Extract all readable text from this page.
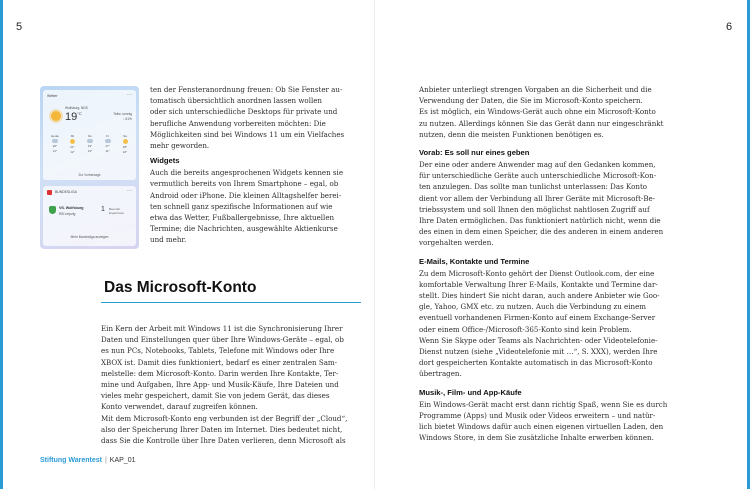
5	6
Wetter	···
Wolfsburg, NDS
$19^{^\circ C}$	Teilw. sonnig
↓ 61%
Heute
20°
11°
Mi
21°
12°
Do
19°
13°
Fr
17°
11°
Sa
18°
10°
Zur Vorhersage
BUNDESLIGA	···
VfL Wolfsburg
RB Leipzig
1 Beendet
Ergebnisse
Mehr Bundesliga anzeigen
ten der Fensteranordnung freuen: Ob Sie Fenster au-
tomatisch übersichtlich anordnen lassen wollen
oder sich unterschiedliche Desktops für private und
berufliche Anwendung vorbereiten möchten: Die
Möglichkeiten sind bei Windows 11 um ein Vielfaches
mehr geworden.
Widgets
Auch die bereits angesprochenen Widgets kennen sie
vermutlich bereits von Ihrem Smartphone – egal, ob
Android oder iPhone. Die kleinen Alltagshelfer berei-
ten schnell ganz spezifische Informationen auf wie
etwa das Wetter, Fußballergebnisse, Ihre aktuellen
Termine; die Nachrichten, ausgewählte Aktienkurse
und mehr.
Das Microsoft-Konto
Ein Kern der Arbeit mit Windows 11 ist die Synchronisierung Ihrer
Daten und Einstellungen quer über Ihre Windows-Geräte – egal, ob
es nun PCs, Notebooks, Tablets, Telefone mit Windows oder Ihre
XBOX ist. Damit dies funktioniert, bedarf es einer zentralen Sam-
melstelle: dem Microsoft-Konto. Darin werden Ihre Kontakte, Ter-
mine und Aufgaben, Ihre App- und Musik-Käufe, Ihre Dateien und
vieles mehr gespeichert, damit Sie von jedem Gerät, das dieses
Konto verwendet, darauf zugreifen können.
Mit dem Microsoft-Konto eng verbunden ist der Begriff der „Cloud“,
also der Speicherung Ihrer Daten im Internet. Dies bedeutet nicht,
dass Sie die Kontrolle über Ihre Daten verlieren, denn Microsoft als
Anbieter unterliegt strengen Vorgaben an die Sicherheit und die
Verwendung der Daten, die Sie im Microsoft-Konto speichern.
Es ist möglich, ein Windows-Gerät auch ohne ein Microsoft-Konto
zu nutzen. Allerdings können Sie das Gerät dann nur eingeschränkt
nutzen, denn die meisten Funktionen benötigen es.
Vorab: Es soll nur eines geben
Der eine oder andere Anwender mag auf den Gedanken kommen,
für unterschiedliche Geräte auch unterschiedliche Microsoft-Kon-
ten anzulegen. Das sollte man tunlichst unterlassen: Das Konto
dient vor allem der Verbindung all Ihrer Geräte mit Microsoft-Be-
triebssystem und soll Ihnen den möglichst nahtlosen Zugriff auf
Ihre Daten ermöglichen. Das funktioniert natürlich nicht, wenn die
des einen in dem einen Speicher, die des anderen in einem anderen
vorgehalten werden.
E-Mails, Kontakte und Termine
Zu dem Microsoft-Konto gehört der Dienst Outlook.com, der eine
komfortable Verwaltung Ihrer E-Mails, Kontakte und Termine dar-
stellt. Dies hindert Sie nicht daran, auch andere Anbieter wie Goo-
gle, Yahoo, GMX etc. zu nutzen. Auch die Verbindung zu einem
eventuell vorhandenen Firmen-Konto auf einem Exchange-Server
oder einem Office-/Microsoft-365-Konto sind kein Problem.
Wenn Sie Skype oder Teams als Nachrichten- oder Videotelefonie-
Dienst nutzen (siehe „Videotelefonie mit …“, S. XXX), werden Ihre
dort gespeicherten Kontakte automatisch in das Microsoft-Konto
übertragen.
Musik-, Film- und App-Käufe
Ein Windows-Gerät macht erst dann richtig Spaß, wenn Sie es durch
Programme (Apps) und Musik oder Videos erweitern – und natür-
lich bietet Windows dafür auch einen eigenen virtuellen Laden, den
Windows Store, in dem Sie zusätzliche Inhalte erwerben können.
Stiftung Warentest | KAP_01
